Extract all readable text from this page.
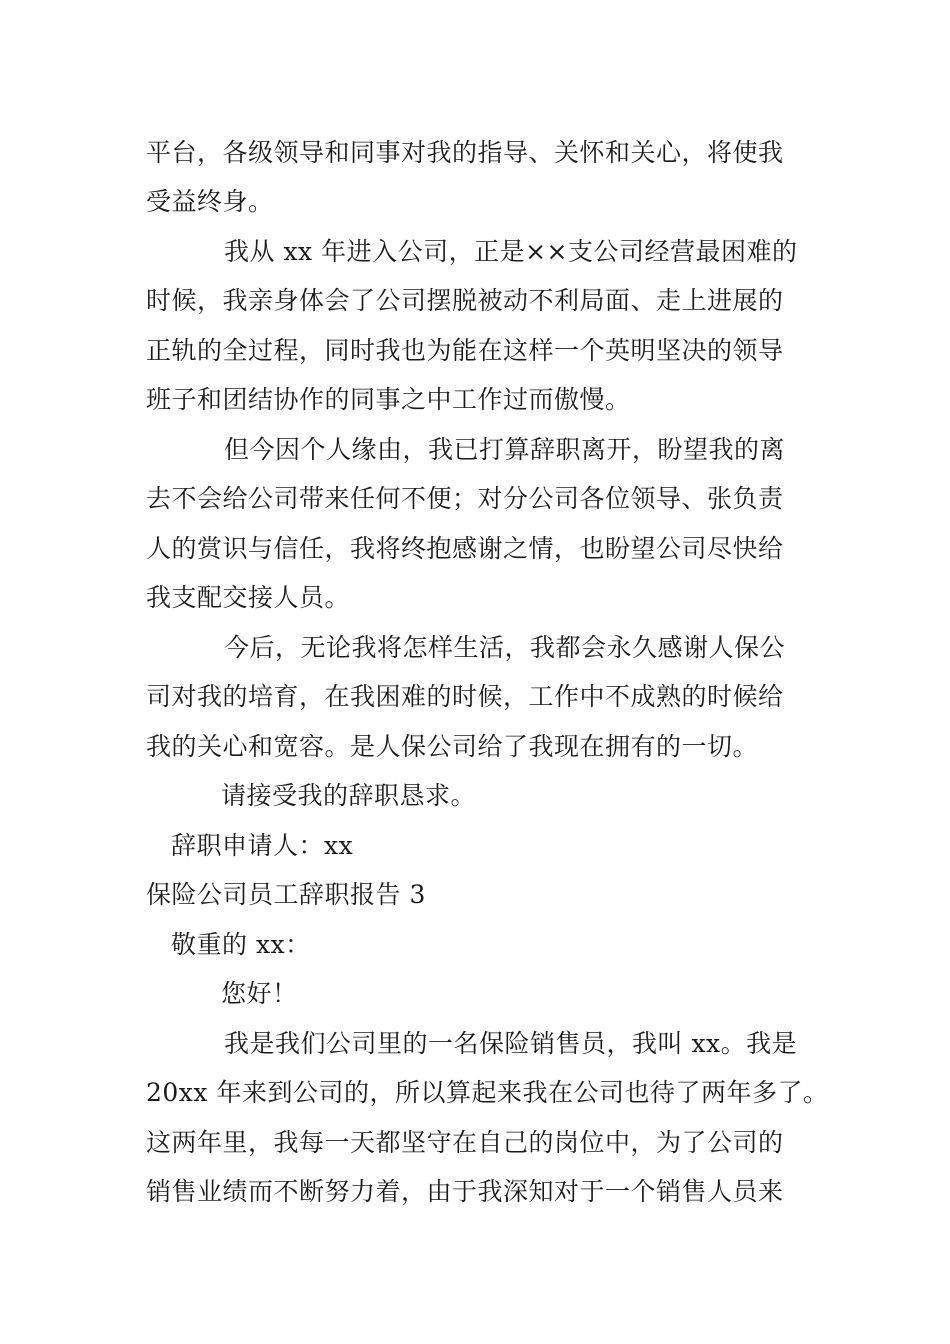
平台，各级领导和同事对我的指导、关怀和关心，将使我
受益终身。
我从 xx 年进入公司，正是××支公司经营最困难的
时候，我亲身体会了公司摆脱被动不利局面、走上进展的
正轨的全过程，同时我也为能在这样一个英明坚决的领导
班子和团结协作的同事之中工作过而傲慢。
但今因个人缘由，我已打算辞职离开，盼望我的离
去不会给公司带来任何不便；对分公司各位领导、张负责
人的赏识与信任，我将终抱感谢之情，也盼望公司尽快给
我支配交接人员。
今后，无论我将怎样生活，我都会永久感谢人保公
司对我的培育，在我困难的时候，工作中不成熟的时候给
我的关心和宽容。是人保公司给了我现在拥有的一切。
请接受我的辞职恳求。
辞职申请人：xx
保险公司员工辞职报告 3
敬重的 xx：
您好！
我是我们公司里的一名保险销售员，我叫 xx。我是
20xx 年来到公司的，所以算起来我在公司也待了两年多了。
这两年里，我每一天都坚守在自己的岗位中，为了公司的
销售业绩而不断努力着，由于我深知对于一个销售人员来
